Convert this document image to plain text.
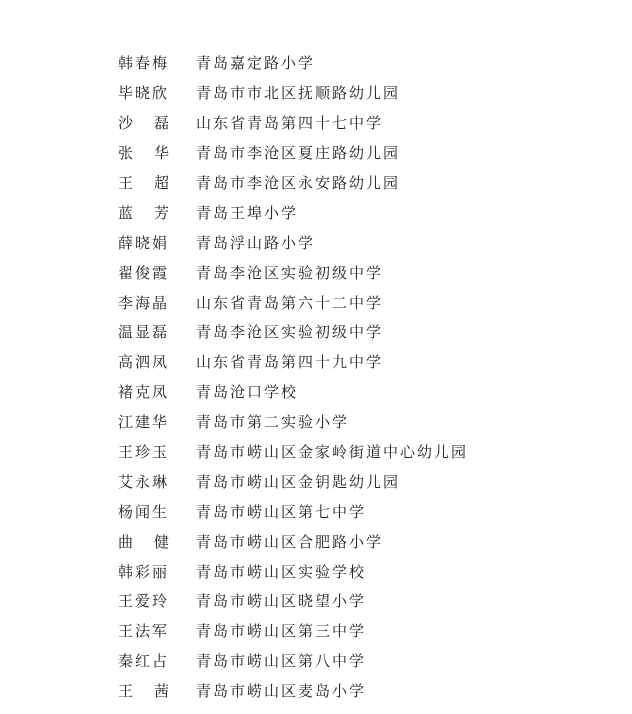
韩春梅	青岛嘉定路小学
毕晓欣	青岛市市北区抚顺路幼儿园
沙 磊	山东省青岛第四十七中学
张 华	青岛市李沧区夏庄路幼儿园
王 超	青岛市李沧区永安路幼儿园
蓝 芳	青岛王埠小学
薛晓娟	青岛浮山路小学
翟俊霞	青岛李沧区实验初级中学
李海晶	山东省青岛第六十二中学
温显磊	青岛李沧区实验初级中学
高泗凤	山东省青岛第四十九中学
褚克凤	青岛沧口学校
江建华	青岛市第二实验小学
王珍玉	青岛市崂山区金家岭街道中心幼儿园
艾永琳	青岛市崂山区金钥匙幼儿园
杨闻生	青岛市崂山区第七中学
曲 健	青岛市崂山区合肥路小学
韩彩丽	青岛市崂山区实验学校
王爱玲	青岛市崂山区晓望小学
王法军	青岛市崂山区第三中学
秦红占	青岛市崂山区第八中学
王 茜	青岛市崂山区麦岛小学
